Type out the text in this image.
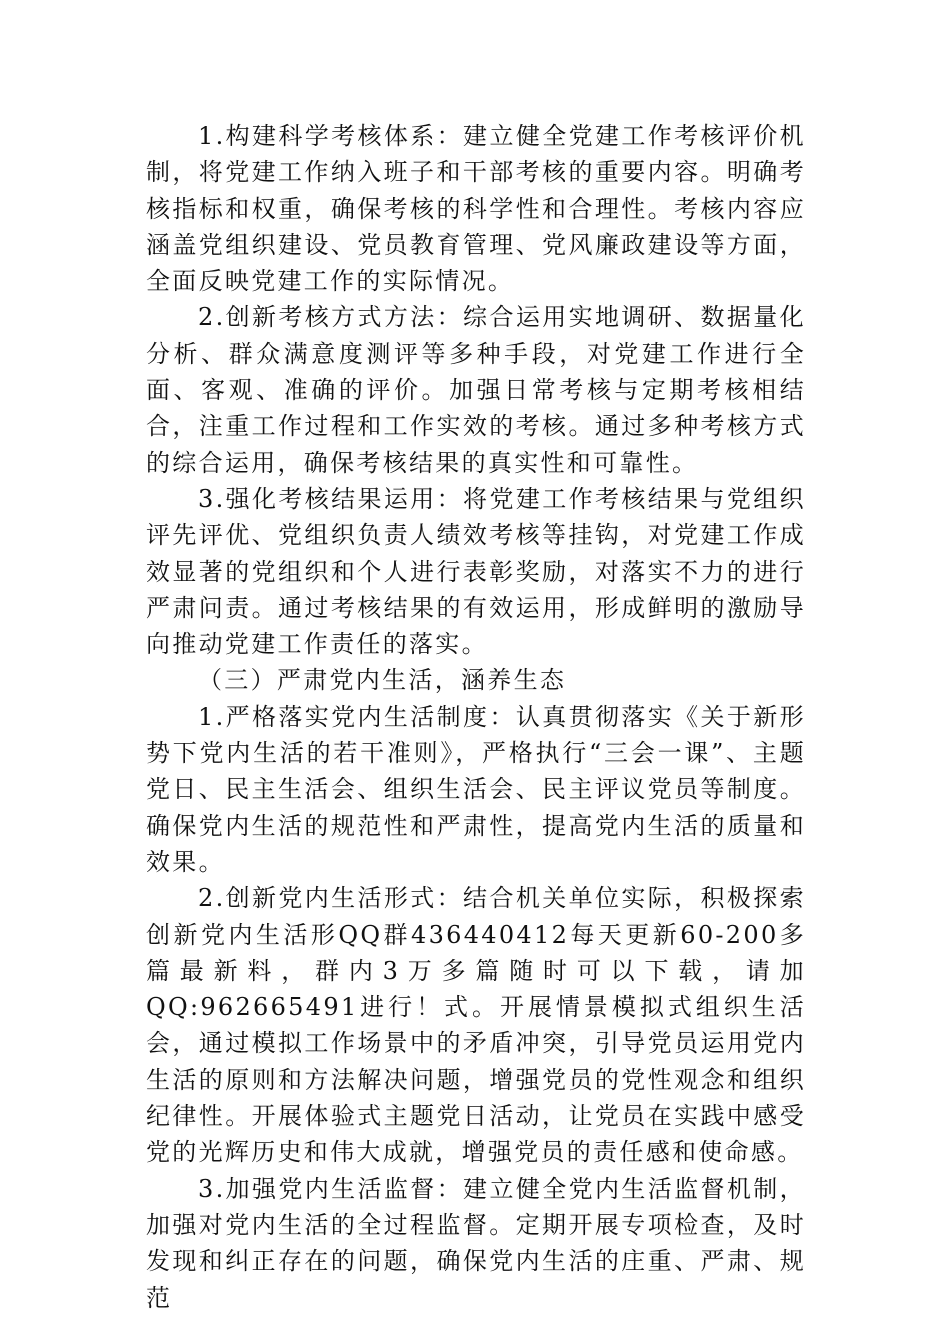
1.构建科学考核体系：建立健全党建工作考核评价机制，将党建工作纳入班子和干部考核的重要内容。明确考核指标和权重，确保考核的科学性和合理性。考核内容应涵盖党组织建设、党员教育管理、党风廉政建设等方面，全面反映党建工作的实际情况。

2.创新考核方式方法：综合运用实地调研、数据量化分析、群众满意度测评等多种手段，对党建工作进行全面、客观、准确的评价。加强日常考核与定期考核相结合，注重工作过程和工作实效的考核。通过多种考核方式的综合运用，确保考核结果的真实性和可靠性。

3.强化考核结果运用：将党建工作考核结果与党组织评先评优、党组织负责人绩效考核等挂钩，对党建工作成效显著的党组织和个人进行表彰奖励，对落实不力的进行严肃问责。通过考核结果的有效运用，形成鲜明的激励导向推动党建工作责任的落实。

（三）严肃党内生活，涵养生态

1.严格落实党内生活制度：认真贯彻落实《关于新形势下党内生活的若干准则》，严格执行“三会一课”、主题党日、民主生活会、组织生活会、民主评议党员等制度。确保党内生活的规范性和严肃性，提高党内生活的质量和效果。

2.创新党内生活形式：结合机关单位实际，积极探索创新党内生活形QQ群436440412每天更新60-200多篇最新料，群内3万多篇随时可以下载，请加QQ:962665491进行！式。开展情景模拟式组织生活会，通过模拟工作场景中的矛盾冲突，引导党员运用党内生活的原则和方法解决问题，增强党员的党性观念和组织纪律性。开展体验式主题党日活动，让党员在实践中感受党的光辉历史和伟大成就，增强党员的责任感和使命感。

3.加强党内生活监督：建立健全党内生活监督机制，加强对党内生活的全过程监督。定期开展专项检查，及时发现和纠正存在的问题，确保党内生活的庄重、严肃、规范
